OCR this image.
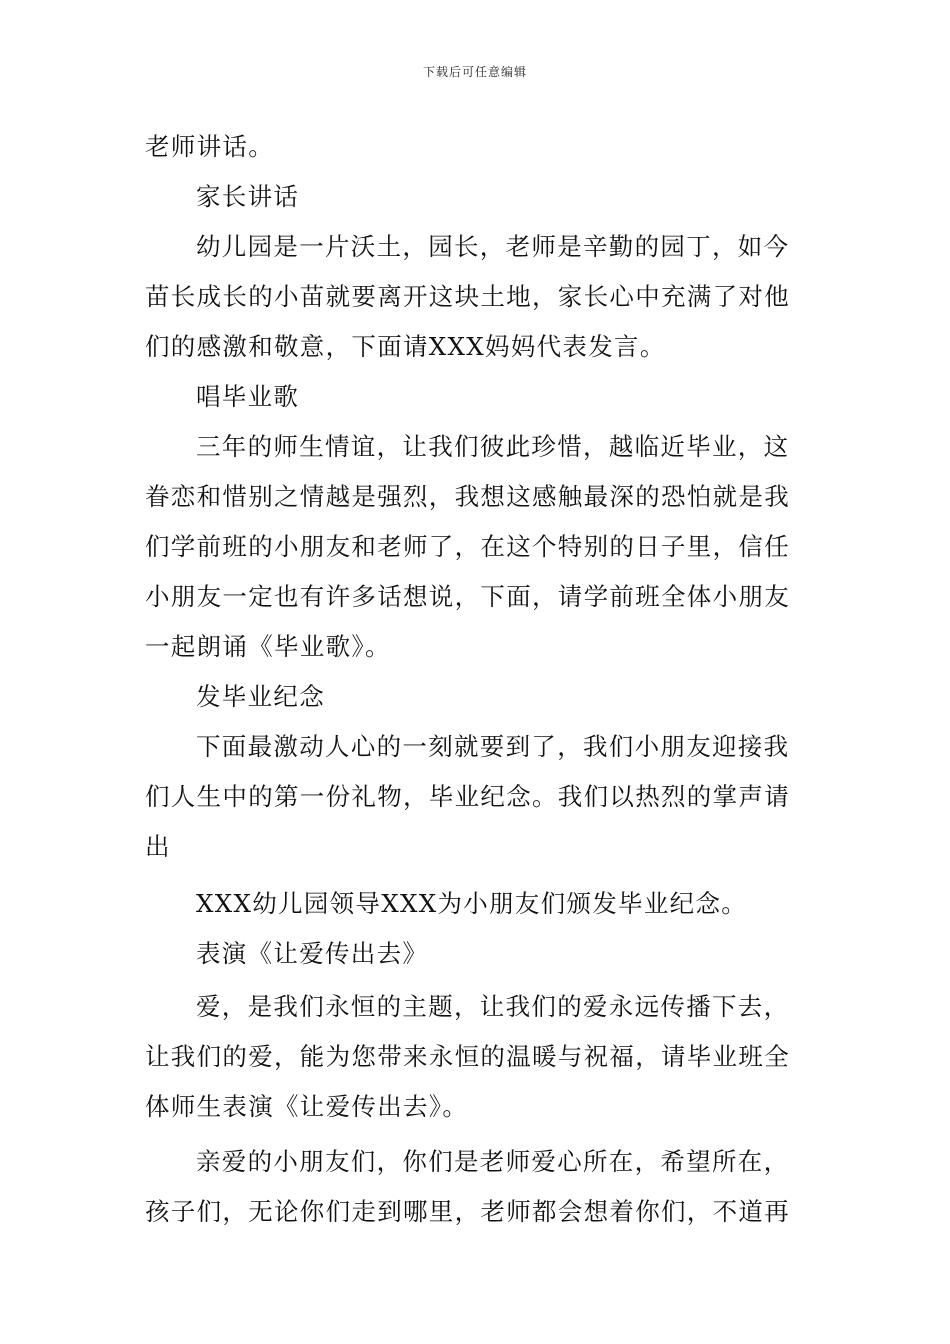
下载后可任意编辑

老师讲话。

家长讲话

幼儿园是一片沃土，园长，老师是辛勤的园丁，如今苗长成长的小苗就要离开这块土地，家长心中充满了对他们的感激和敬意，下面请XXX妈妈代表发言。

唱毕业歌

三年的师生情谊，让我们彼此珍惜，越临近毕业，这眷恋和惜别之情越是强烈，我想这感触最深的恐怕就是我们学前班的小朋友和老师了，在这个特别的日子里，信任小朋友一定也有许多话想说，下面，请学前班全体小朋友一起朗诵《毕业歌》。

发毕业纪念

下面最激动人心的一刻就要到了，我们小朋友迎接我们人生中的第一份礼物，毕业纪念。我们以热烈的掌声请出

XXX幼儿园领导XXX为小朋友们颁发毕业纪念。

表演《让爱传出去》

爱，是我们永恒的主题，让我们的爱永远传播下去，让我们的爱，能为您带来永恒的温暖与祝福，请毕业班全体师生表演《让爱传出去》。

亲爱的小朋友们，你们是老师爱心所在，希望所在，孩子们，无论你们走到哪里，老师都会想着你们，不道再
